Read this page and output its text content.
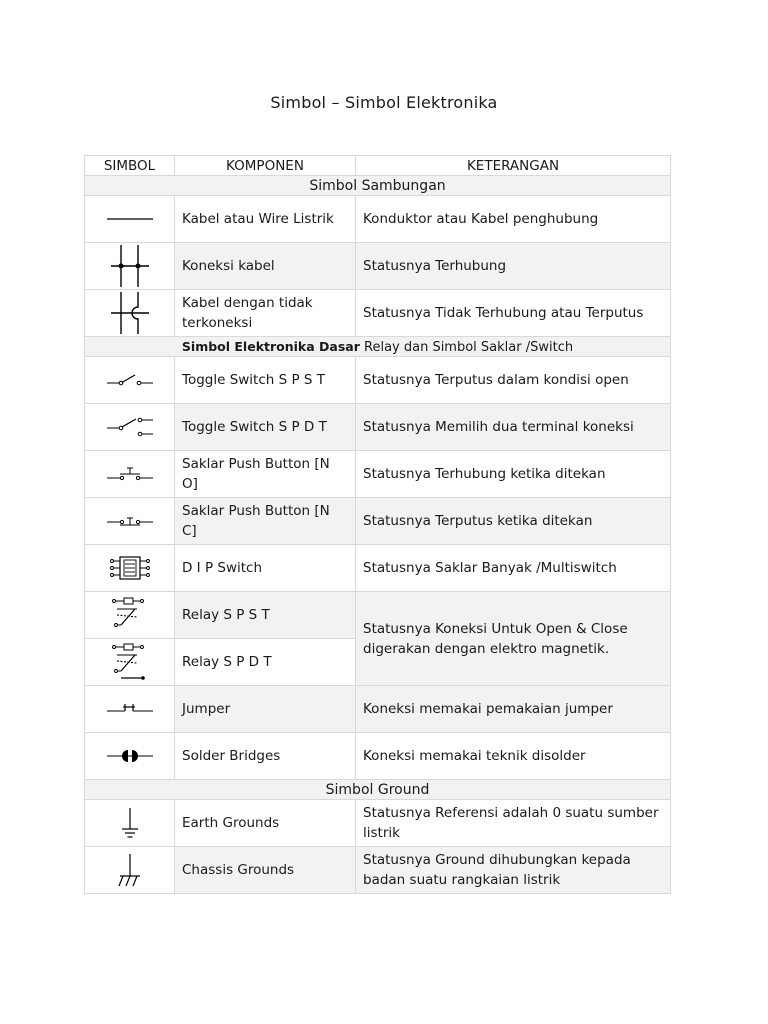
Simbol – Simbol Elektronika
SIMBOL	KOMPONEN	KETERANGAN
Simbol Sambungan		

	Kabel atau Wire Listrik	Konduktor atau Kabel penghubung

	Koneksi kabel	Statusnya Terhubung

	Kabel dengan tidak terkoneksi	Statusnya Tidak Terhubung atau Terputus
Simbol Elektronika Dasar Relay dan Simbol Saklar /Switch		

	Toggle Switch S P S T	Statusnya Terputus dalam kondisi open

	Toggle Switch S P D T	Statusnya Memilih dua terminal koneksi

	Saklar Push Button [N O]	Statusnya Terhubung ketika ditekan

	Saklar Push Button [N C]	Statusnya Terputus ketika ditekan

	D I P Switch	Statusnya Saklar Banyak /Multiswitch

	Relay S P S T	Statusnya Koneksi Untuk Open & Close digerakan dengan elektro magnetik.

	Relay S P D T	

	Jumper	Koneksi memakai pemakaian jumper

	Solder Bridges	Koneksi memakai teknik disolder
Simbol Ground		

	Earth Grounds	Statusnya Referensi adalah 0 suatu sumber listrik

	Chassis Grounds	Statusnya Ground dihubungkan kepada badan suatu rangkaian listrik
